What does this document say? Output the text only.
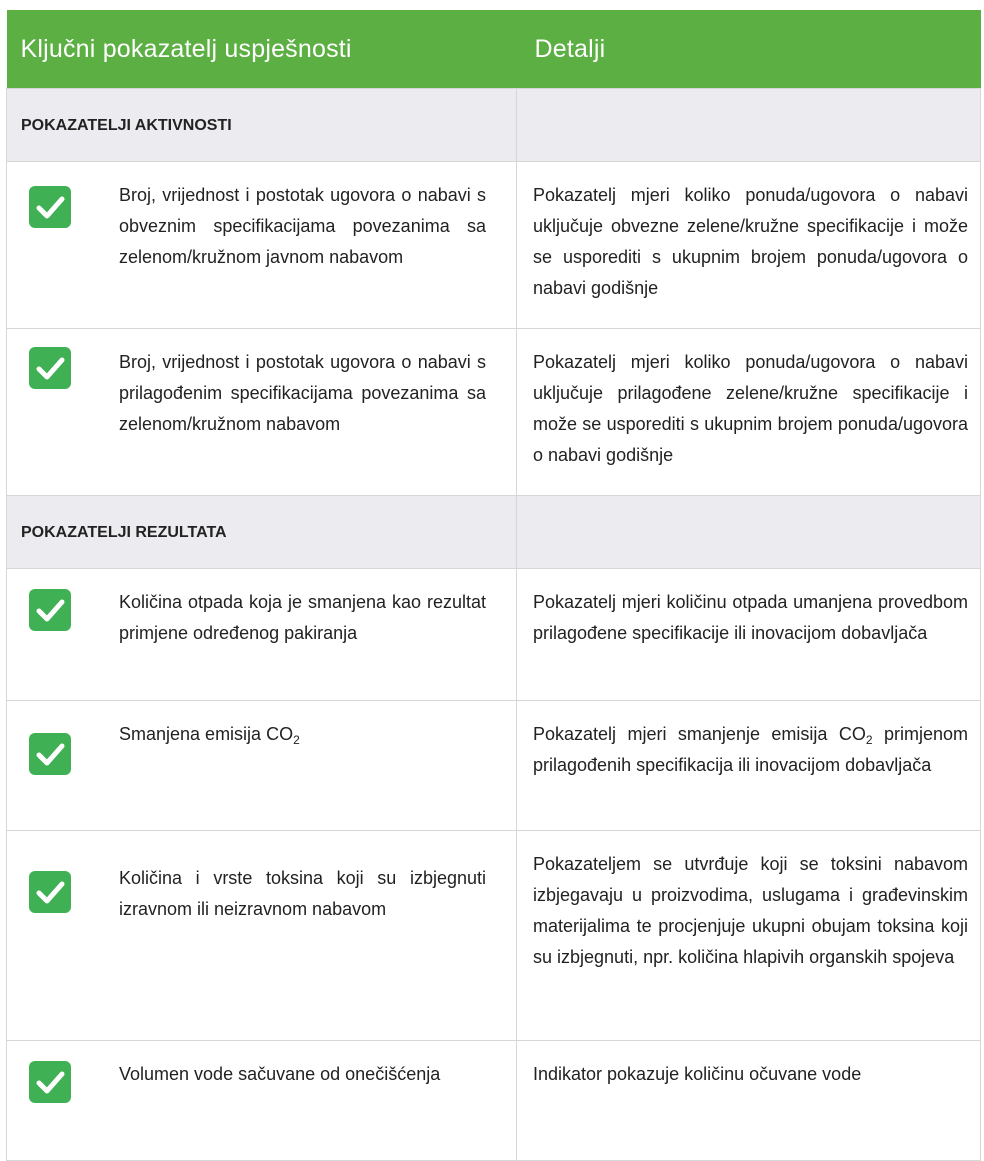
Ključni pokazatelj uspješnosti	Detalji
POKAZATELJI AKTIVNOSTI	

Broj, vrijednost i postotak ugovora o nabavi s obveznim specifikacijama povezanima sa zelenom/kružnom javnom nabavom	Pokazatelj mjeri koliko ponuda/ugovora o nabavi uključuje obvezne zelene/kružne specifikacije i može se usporediti s ukupnim brojem ponuda/ugovora o nabavi godišnje

Broj, vrijednost i postotak ugovora o nabavi s prilagođenim specifikacijama povezanima sa zelenom/kružnom nabavom	Pokazatelj mjeri koliko ponuda/ugovora o nabavi uključuje prilagođene zelene/kružne specifikacije i može se usporediti s ukupnim brojem ponuda/ugovora o nabavi godišnje
POKAZATELJI REZULTATA	

Količina otpada koja je smanjena kao rezultat primjene određenog pakiranja	Pokazatelj mjeri količinu otpada umanjena provedbom prilagođene specifikacije ili inovacijom dobavljača

Smanjena emisija $CO_2$	Pokazatelj mjeri smanjenje emisija $CO_2$ primjenom prilagođenih specifikacija ili inovacijom dobavljača

Količina i vrste toksina koji su izbjegnuti izravnom ili neizravnom nabavom	Pokazateljem se utvrđuje koji se toksini nabavom izbjegavaju u proizvodima, uslugama i građevinskim materijalima te procjenjuje ukupni obujam toksina koji su izbjegnuti, npr. količina hlapivih organskih spojeva

Volumen vode sačuvane od onečišćenja	Indikator pokazuje količinu očuvane vode
